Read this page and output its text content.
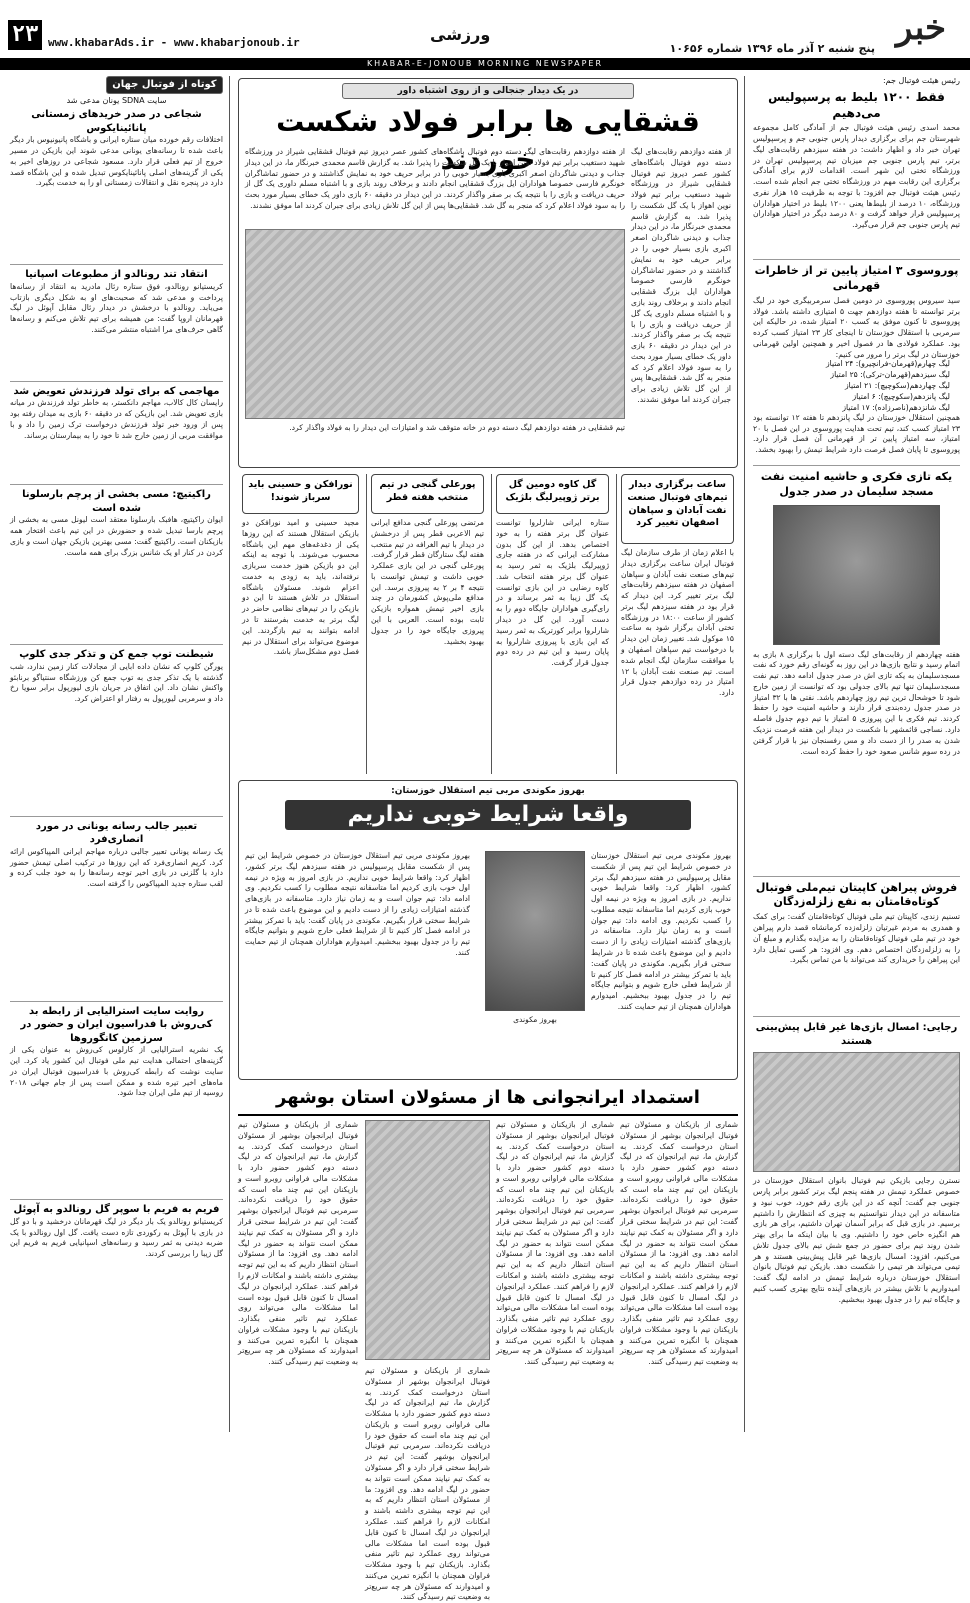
خبر
پنج شنبه ۲ آذر ماه ۱۳۹۶ شماره ۱۰۶۵۶
ورزشی
۲۳ www.khabarAds.ir - www.khabarjonoub.ir
KHABAR-E-JONOUB MORNING NEWSPAPER
رئیس هیئت فوتبال جم:
فقط ۱۲۰۰ بلیط به پرسپولیس می‌دهیم
محمد اسدی رئیس هیئت فوتبال جم از آمادگی کامل مجموعه شهرستان جم برای برگزاری دیدار پارس جنوبی جم و پرسپولیس تهران خبر داد و اظهار داشت: در هفته سیزدهم رقابت‌های لیگ برتر، تیم پارس جنوبی جم میزبان تیم پرسپولیس تهران در ورزشگاه تختی این شهر است. اقدامات لازم برای آمادگی برگزاری این رقابت مهم در ورزشگاه تختی جم انجام شده است. رئیس هیئت فوتبال جم افزود: با توجه به ظرفیت ۱۵ هزار نفری ورزشگاه، ۱۰ درصد از بلیط‌ها یعنی ۱۲۰۰ بلیط در اختیار هواداران پرسپولیس قرار خواهد گرفت و ۸۰ درصد دیگر در اختیار هواداران تیم پارس جنوبی جم قرار می‌گیرد.
پوروسوی ۳ امتیاز پایین تر از خاطرات قهرمانی
سید سیروس پوروسوی در دومین فصل سرمربیگری خود در لیگ برتر توانسته تا هفته دوازدهم جهت ۵ امتیازی داشته باشد. فولاد پوروسوی تا کنون موفق به کسب ۲۰ امتیاز شده، در حالیکه این سرمربی با استقلال خوزستان تا اینجای کار ۲۳ امتیاز کسب کرده بود. عملکرد فولادی ها در فصول اخیر و همچنین اولین قهرمانی خوزستان در لیگ برتر را مرور می کنیم:
لیگ چهارم(قهرمان-فرانچیرو): ۲۴ امتیاز
لیگ سیزدهم(قهرمان-ترکی): ۲۵ امتیاز
لیگ چهاردهم(سکوچیچ): ۲۱ امتیاز
لیگ پانزدهم(سکوچیچ): ۶ امتیاز
لیگ شانزدهم(ناصرزاده): ۱۷ امتیاز
همچنین استقلال خوزستان در لیگ پانزدهم تا هفته ۱۲ توانسته بود ۲۳ امتیاز کسب کند، تیم تحت هدایت پوروسوی در این فصل با ۲۰ امتیاز، سه امتیاز پایین تر از قهرمانی آن فصل قرار دارد. پوروسوی تا پایان فصل فرصت دارد شرایط تیمش را بهبود بخشد.
یکه تازی فکری و حاشیه امنیت نفت مسجد سلیمان در صدر جدول
هفته چهاردهم از رقابت‌های لیگ دسته اول با برگزاری ۸ بازی به اتمام رسید و نتایج بازی‌ها در این روز به گونه‌ای رقم خورد که نفت مسجدسلیمان به یکه تازی اش در صدر جدول ادامه دهد. تیم نفت مسجدسلیمان تنها تیم بالای جدولی بود که توانست از زمین خارج شود تا خوشحال ترین تیم روز چهاردهم باشد. نفتی ها با ۳۲ امتیاز در صدر جدول رده‌بندی قرار دارند و حاشیه امنیت خود را حفظ کردند. تیم فکری با این پیروزی ۵ امتیاز با تیم دوم جدول فاصله دارد. نساجی قائمشهر با شکست در دیدار این هفته فرصت نزدیک شدن به صدر را از دست داد و مس رفسنجان نیز با قرار گرفتن در رده سوم شانس صعود خود را حفظ کرده است.
فروش پیراهن کاپیتان تیم‌ملی فوتبال کوتاه‌قامتان به نفع زلزله‌زدگان
تسنیم زندی، کاپیتان تیم ملی فوتبال کوتاه‌قامتان گفت: برای کمک و همدری به مردم غیرتیان زلزله‌زده کرمانشاه قصد دارم پیراهن خود در تیم ملی فوتبال کوتاه‌قامتان را به مزایده بگذارم و مبلغ آن را به زلزله‌زدگان اختصاص دهم. وی افزود: هر کسی تمایل دارد این پیراهن را خریداری کند می‌تواند با من تماس بگیرد.
رجایی: امسال بازی‌ها غیر قابل پیش‌بینی هستند
نسترن رجایی بازیکن تیم فوتبال بانوان استقلال خوزستان در خصوص عملکرد تیمش در هفته پنجم لیگ برتر کشور برابر پارس جنوبی جم گفت: آنچه که در این بازی رقم خورد، خوب نبود و متاسفانه در این دیدار نتوانستیم به چیزی که انتظارش را داشتیم برسیم. در بازی قبل که برابر آسمان تهران داشتیم، برای هر بازی هم انگیزه خاص خود را داشتیم. وی با بیان اینکه ما برای بهتر شدن روند تیم برای حضور در جمع شش تیم بالای جدول تلاش می‌کنیم، افزود: امسال بازی‌ها غیر قابل پیش‌بینی هستند و هر تیمی می‌تواند هر تیمی را شکست دهد. بازیکن تیم فوتبال بانوان استقلال خوزستان درباره شرایط تیمش در ادامه لیگ گفت: امیدواریم با تلاش بیشتر در بازی‌های آینده نتایج بهتری کسب کنیم و جایگاه تیم را در جدول بهبود ببخشیم.
در یک دیدار جنجالی و از روی اشتباه داور
قشقایی ها برابر فولاد شکست خوردند	از هفته دوازدهم رقابت‌های لیگ دسته دوم فوتبال باشگاه‌های کشور عصر دیروز تیم فوتبال قشقایی شیراز در ورزشگاه شهید دستغیب برابر تیم فولاد نوین اهواز با یک گل شکست را پذیرا شد. به گزارش قاسم محمدی خبرنگار ما، در این دیدار جذاب و دیدنی شاگردان اصغر اکبری بازی بسیار خوبی را در برابر حریف خود به نمایش گذاشتند و در حضور تماشاگران خونگرم فارسی خصوصا هواداران ایل بزرگ قشقایی انجام دادند و برخلاف روند بازی و با اشتباه مسلم داوری یک گل از حریف دریافت و بازی را با نتیجه یک بر صفر واگذار کردند. در این دیدار در دقیقه ۶۰ بازی داور یک خطای بسیار مورد بحث را به سود فولاد اعلام کرد که منجر به گل شد. قشقایی‌ها پس از این گل تلاش زیادی برای جبران کردند اما موفق نشدند.
تیم قشقایی در هفته دوازدهم لیگ دسته دوم در خانه متوقف شد و امتیازات این دیدار را به فولاد واگذار کرد.
از هفته دوازدهم رقابت‌های لیگ دسته دوم فوتبال باشگاه‌های کشور عصر دیروز تیم فوتبال قشقایی شیراز در ورزشگاه شهید دستغیب برابر تیم فولاد نوین اهواز با یک گل شکست را پذیرا شد. به گزارش قاسم محمدی خبرنگار ما، در این دیدار جذاب و دیدنی شاگردان اصغر اکبری بازی بسیار خوبی را در برابر حریف خود به نمایش گذاشتند و در حضور تماشاگران خونگرم فارسی خصوصا هواداران ایل بزرگ قشقایی انجام دادند و برخلاف روند بازی و با اشتباه مسلم داوری یک گل از حریف دریافت و بازی را با نتیجه یک بر صفر واگذار کردند. در این دیدار در دقیقه ۶۰ بازی داور یک خطای بسیار مورد بحث را به سود فولاد اعلام کرد که منجر به گل شد. قشقایی‌ها پس از این گل تلاش زیادی برای جبران کردند اما موفق نشدند.
ساعت برگزاری دیدار تیم‌های فوتبال صنعت نفت آبادان و سپاهان اصفهان تغییر کرد
با اعلام زمان از طرف سازمان لیگ فوتبال ایران ساعت برگزاری دیدار تیم‌های صنعت نفت آبادان و سپاهان اصفهان در هفته سیزدهم رقابت‌های لیگ برتر تغییر کرد. این دیدار که قرار بود در هفته سیزدهم لیگ برتر کشور از ساعت ۱۸:۰۰ در ورزشگاه تختی آبادان برگزار شود به ساعت ۱۵ موکول شد. تغییر زمان این دیدار با درخواست تیم سپاهان اصفهان و با موافقت سازمان لیگ انجام شده است. تیم صنعت نفت آبادان با ۱۲ امتیاز در رده دوازدهم جدول قرار دارد.
گل کاوه دومین گل برتر ژوپیرلیگ بلژیک
ستاره ایرانی شارلروا توانست عنوان گل برتر هفته را به خود اختصاص بدهد. از این گل بدون مشارکت ایرانی که در هفته جاری ژوپیرلیگ بلژیک به ثمر رسید به عنوان گل برتر هفته انتخاب شد. کاوه رضایی در این بازی توانست یک گل زیبا به ثمر برساند و در رای‌گیری هواداران جایگاه دوم را به دست آورد. این گل در دیدار شارلروا برابر کورتریک به ثمر رسید که این بازی با پیروزی شارلروا به پایان رسید و این تیم در رده دوم جدول قرار گرفت.
پورعلی گنجی در تیم منتخب هفته قطر
مرتضی پورعلی گنجی مدافع ایرانی تیم الاعربی قطر پس از درخشش در دیدار با تیم الغرافه در تیم منتخب هفته لیگ ستارگان قطر قرار گرفت. پورعلی گنجی در این بازی عملکرد خوبی داشت و تیمش توانست با نتیجه ۴ بر ۲ به پیروزی برسد. این مدافع ملی‌پوش کشورمان در چند بازی اخیر تیمش همواره بازیکن ثابت بوده است. العربی با این پیروزی جایگاه خود را در جدول بهبود بخشید.
نورافکن و حسینی باید سرباز شوند!
مجید حسینی و امید نورافکن دو بازیکن استقلال هستند که این روزها یکی از دغدغه‌های مهم این باشگاه محسوب می‌شوند. با توجه به اینکه این دو بازیکن هنوز خدمت سربازی نرفته‌اند، باید به زودی به خدمت اعزام شوند. مسئولان باشگاه استقلال در تلاش هستند تا این دو بازیکن را در تیم‌های نظامی حاضر در لیگ برتر به خدمت بفرستند تا در ادامه بتوانند به تیم بازگردند. این موضوع می‌تواند برای استقلال در نیم فصل دوم مشکل‌ساز باشد.
بهروز مکوندی مربی تیم استقلال خوزستان:
واقعا شرایط خوبی نداریم
بهروز مکوندی مربی تیم استقلال خوزستان در خصوص شرایط این تیم پس از شکست مقابل پرسپولیس در هفته سیزدهم لیگ برتر کشور، اظهار کرد: واقعا شرایط خوبی نداریم. در بازی امروز به ویژه در نیمه اول خوب بازی کردیم اما متاسفانه نتیجه مطلوب را کسب نکردیم. وی ادامه داد: تیم جوان است و به زمان نیاز دارد. متاسفانه در بازی‌های گذشته امتیازات زیادی را از دست دادیم و این موضوع باعث شده تا در شرایط سختی قرار بگیریم. مکوندی در پایان گفت: باید با تمرکز بیشتر در ادامه فصل کار کنیم تا از شرایط فعلی خارج شویم و بتوانیم جایگاه تیم را در جدول بهبود ببخشیم. امیدوارم هواداران همچنان از تیم حمایت کنند.
بهروز مکوندی
بهروز مکوندی مربی تیم استقلال خوزستان در خصوص شرایط این تیم پس از شکست مقابل پرسپولیس در هفته سیزدهم لیگ برتر کشور، اظهار کرد: واقعا شرایط خوبی نداریم. در بازی امروز به ویژه در نیمه اول خوب بازی کردیم اما متاسفانه نتیجه مطلوب را کسب نکردیم. وی ادامه داد: تیم جوان است و به زمان نیاز دارد. متاسفانه در بازی‌های گذشته امتیازات زیادی را از دست دادیم و این موضوع باعث شده تا در شرایط سختی قرار بگیریم. مکوندی در پایان گفت: باید با تمرکز بیشتر در ادامه فصل کار کنیم تا از شرایط فعلی خارج شویم و بتوانیم جایگاه تیم را در جدول بهبود ببخشیم. امیدوارم هواداران همچنان از تیم حمایت کنند.
استمداد ایرانجوانی ها از مسئولان استان بوشهر
شماری از بازیکنان و مسئولان تیم فوتبال ایرانجوان بوشهر از مسئولان استان درخواست کمک کردند. به گزارش ما، تیم ایرانجوان که در لیگ دسته دوم کشور حضور دارد با مشکلات مالی فراوانی روبرو است و بازیکنان این تیم چند ماه است که حقوق خود را دریافت نکرده‌اند. سرمربی تیم فوتبال ایرانجوان بوشهر گفت: این تیم در شرایط سختی قرار دارد و اگر مسئولان به کمک تیم نیایند ممکن است نتواند به حضور در لیگ ادامه دهد. وی افزود: ما از مسئولان استان انتظار داریم که به این تیم توجه بیشتری داشته باشند و امکانات لازم را فراهم کنند. عملکرد ایرانجوان در لیگ امسال تا کنون قابل قبول بوده است اما مشکلات مالی می‌تواند روی عملکرد تیم تاثیر منفی بگذارد. بازیکنان تیم با وجود مشکلات فراوان همچنان با انگیزه تمرین می‌کنند و امیدوارند که مسئولان هر چه سریع‌تر به وضعیت تیم رسیدگی کنند.
شماری از بازیکنان و مسئولان تیم فوتبال ایرانجوان بوشهر از مسئولان استان درخواست کمک کردند. به گزارش ما، تیم ایرانجوان که در لیگ دسته دوم کشور حضور دارد با مشکلات مالی فراوانی روبرو است و بازیکنان این تیم چند ماه است که حقوق خود را دریافت نکرده‌اند. سرمربی تیم فوتبال ایرانجوان بوشهر گفت: این تیم در شرایط سختی قرار دارد و اگر مسئولان به کمک تیم نیایند ممکن است نتواند به حضور در لیگ ادامه دهد. وی افزود: ما از مسئولان استان انتظار داریم که به این تیم توجه بیشتری داشته باشند و امکانات لازم را فراهم کنند. عملکرد ایرانجوان در لیگ امسال تا کنون قابل قبول بوده است اما مشکلات مالی می‌تواند روی عملکرد تیم تاثیر منفی بگذارد. بازیکنان تیم با وجود مشکلات فراوان همچنان با انگیزه تمرین می‌کنند و امیدوارند که مسئولان هر چه سریع‌تر به وضعیت تیم رسیدگی کنند.
شماری از بازیکنان و مسئولان تیم فوتبال ایرانجوان بوشهر از مسئولان استان درخواست کمک کردند. به گزارش ما، تیم ایرانجوان که در لیگ دسته دوم کشور حضور دارد با مشکلات مالی فراوانی روبرو است و بازیکنان این تیم چند ماه است که حقوق خود را دریافت نکرده‌اند. سرمربی تیم فوتبال ایرانجوان بوشهر گفت: این تیم در شرایط سختی قرار دارد و اگر مسئولان به کمک تیم نیایند ممکن است نتواند به حضور در لیگ ادامه دهد. وی افزود: ما از مسئولان استان انتظار داریم که به این تیم توجه بیشتری داشته باشند و امکانات لازم را فراهم کنند. عملکرد ایرانجوان در لیگ امسال تا کنون قابل قبول بوده است اما مشکلات مالی می‌تواند روی عملکرد تیم تاثیر منفی بگذارد. بازیکنان تیم با وجود مشکلات فراوان همچنان با انگیزه تمرین می‌کنند و امیدوارند که مسئولان هر چه سریع‌تر به وضعیت تیم رسیدگی کنند.
شماری از بازیکنان و مسئولان تیم فوتبال ایرانجوان بوشهر از مسئولان استان درخواست کمک کردند. به گزارش ما، تیم ایرانجوان که در لیگ دسته دوم کشور حضور دارد با مشکلات مالی فراوانی روبرو است و بازیکنان این تیم چند ماه است که حقوق خود را دریافت نکرده‌اند. سرمربی تیم فوتبال ایرانجوان بوشهر گفت: این تیم در شرایط سختی قرار دارد و اگر مسئولان به کمک تیم نیایند ممکن است نتواند به حضور در لیگ ادامه دهد. وی افزود: ما از مسئولان استان انتظار داریم که به این تیم توجه بیشتری داشته باشند و امکانات لازم را فراهم کنند. عملکرد ایرانجوان در لیگ امسال تا کنون قابل قبول بوده است اما مشکلات مالی می‌تواند روی عملکرد تیم تاثیر منفی بگذارد. بازیکنان تیم با وجود مشکلات فراوان همچنان با انگیزه تمرین می‌کنند و امیدوارند که مسئولان هر چه سریع‌تر به وضعیت تیم رسیدگی کنند.
کوتاه از فوتبال جهان
سایت SDNA یونان مدعی شد
شجاعی در صدر خریدهای زمستانی پانائینایکوس
اختلافات رقم خورده میان ستاره ایرانی و باشگاه پانیونیوس بار دیگر باعث شده تا رسانه‌های یونانی مدعی شوند این بازیکن در مسیر خروج از تیم فعلی قرار دارد. مسعود شجاعی در روزهای اخیر به یکی از گزینه‌های اصلی پانائینایکوس تبدیل شده و این باشگاه قصد دارد در پنجره نقل و انتقالات زمستانی او را به خدمت بگیرد.
انتقاد تند رونالدو از مطبوعات اسپانیا
کریستیانو رونالدو، فوق ستاره رئال مادرید به انتقاد از رسانه‌ها پرداخت و مدعی شد که صحبت‌های او به شکل دیگری بازتاب می‌یابد. رونالدو با درخشش در دیدار رئال مقابل آپوئل در لیگ قهرمانان اروپا گفت: من همیشه برای تیم تلاش می‌کنم و رسانه‌ها گاهی حرف‌های مرا اشتباه منتشر می‌کنند.
مهاجمی که برای تولد فرزندش تعویض شد
رایسان کال کالاب، مهاجم دانکستر، به خاطر تولد فرزندش در میانه بازی تعویض شد. این بازیکن که در دقیقه ۶۰ بازی به میدان رفته بود پس از ورود خبر تولد فرزندش درخواست ترک زمین را داد و با موافقت مربی از زمین خارج شد تا خود را به بیمارستان برساند.
راکیتیچ: مسی بخشی از پرچم بارسلونا شده است
ایوان راکیتیچ، هافبک بارسلونا معتقد است لیونل مسی به بخشی از پرچم بارسا تبدیل شده و حضورش در این تیم باعث افتخار همه بازیکنان است. راکیتیچ گفت: مسی بهترین بازیکن جهان است و بازی کردن در کنار او یک شانس بزرگ برای همه ماست.
شیطنت توپ جمع کن و تذکر جدی کلوپ
یورگن کلوپ که نشان داده ابایی از مجادلات کنار زمین ندارد، شب گذشته با یک تذکر جدی به توپ جمع کن ورزشگاه سنتیاگو برنابئو واکنش نشان داد. این اتفاق در جریان بازی لیورپول برابر سویا رخ داد و سرمربی لیورپول به رفتار او اعتراض کرد.
تعبیر جالب رسانه یونانی در مورد انصاری‌فرد
یک رسانه یونانی تعبیر جالبی درباره مهاجم ایرانی المپیاکوس ارائه کرد. کریم انصاری‌فرد که این روزها در ترکیب اصلی تیمش حضور دارد با گلزنی در بازی اخیر توجه رسانه‌ها را به خود جلب کرده و لقب ستاره جدید المپیاکوس را گرفته است.
روایت سایت استرالیایی از رابطه بد کی‌روش با فدراسیون ایران و حضور در سرزمین کانگوروها
یک نشریه استرالیایی از کارلوس کی‌روش به عنوان یکی از گزینه‌های احتمالی هدایت تیم ملی فوتبال این کشور یاد کرد. این سایت نوشت که رابطه کی‌روش با فدراسیون فوتبال ایران در ماه‌های اخیر تیره شده و ممکن است پس از جام جهانی ۲۰۱۸ روسیه از تیم ملی ایران جدا شود.
فریم به فریم با سوپر گل رونالدو به آپوئل
کریستیانو رونالدو یک بار دیگر در لیگ قهرمانان درخشید و با دو گل در بازی با آپوئل به رکوردی تازه دست یافت. گل اول رونالدو با یک ضربه دیدنی به ثمر رسید و رسانه‌های اسپانیایی فریم به فریم این گل زیبا را بررسی کردند.
